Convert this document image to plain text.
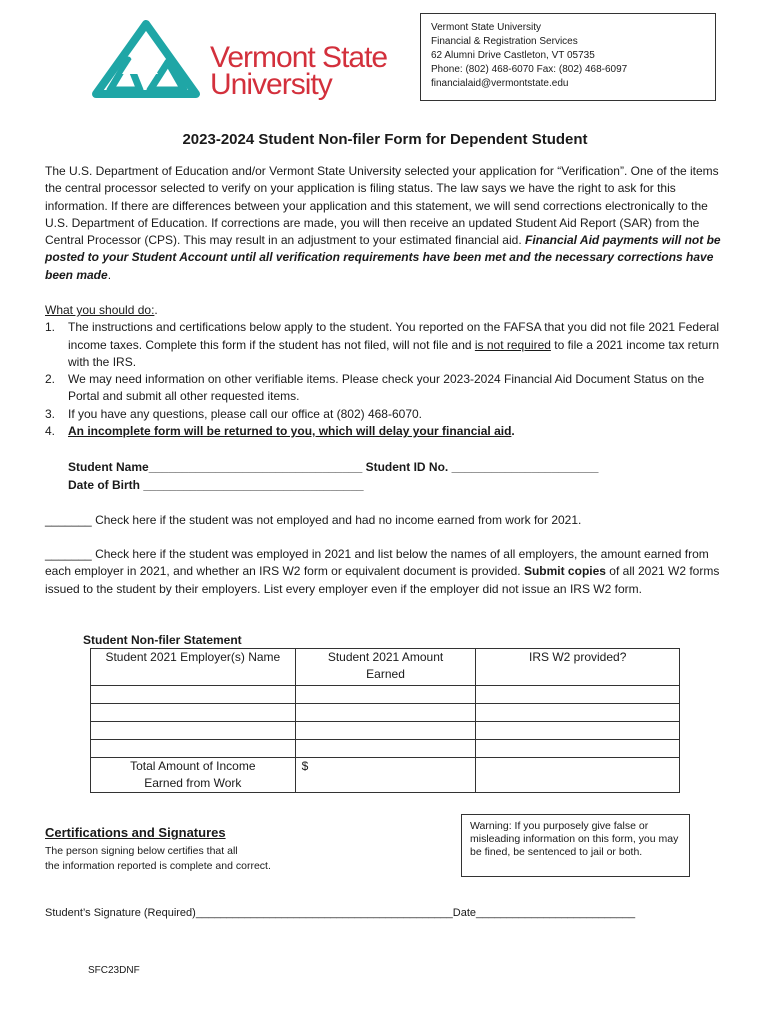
Vermont State
University
Vermont State University
Financial & Registration Services
62 Alumni Drive Castleton, VT 05735
Phone: (802) 468-6070 Fax: (802) 468-6097
financialaid@vermontstate.edu
2023-2024 Student Non-filer Form for Dependent Student
The U.S. Department of Education and/or Vermont State University selected your application for “Verification”. One of the items the central processor selected to verify on your application is filing status. The law says we have the right to ask for this information. If there are differences between your application and this statement, we will send corrections electronically to the U.S. Department of Education. If corrections are made, you will then receive an updated Student Aid Report (SAR) from the Central Processor (CPS). This may result in an adjustment to your estimated financial aid. Financial Aid payments will not be posted to your Student Account until all verification requirements have been met and the necessary corrections have been made.
What you should do:.
1. The instructions and certifications below apply to the student. You reported on the FAFSA that you did not file 2021 Federal income taxes. Complete this form if the student has not filed, will not file and is not required to file a 2021 income tax return with the IRS.
2. We may need information on other verifiable items. Please check your 2023-2024 Financial Aid Document Status on the Portal and submit all other requested items.
3. If you have any questions, please call our office at (802) 468-6070.
4. An incomplete form will be returned to you, which will delay your financial aid.
Student Name________________________________ Student ID No. ______________________
Date of Birth _________________________________
_______ Check here if the student was not employed and had no income earned from work for 2021.
_______ Check here if the student was employed in 2021 and list below the names of all employers, the amount earned from each employer in 2021, and whether an IRS W2 form or equivalent document is provided. Submit copies of all 2021 W2 forms issued to the student by their employers. List every employer even if the employer did not issue an IRS W2 form.
Student Non-filer Statement
Student 2021 Employer(s) Name	Student 2021 Amount Earned	IRS W2 provided?

Total Amount of Income Earned from Work	$	
Certifications and Signatures
The person signing below certifies that all
the information reported is complete and correct.
Warning: If you purposely give false or misleading information on this form, you may be fined, be sentenced to jail or both.
Student’s Signature (Required)__________________________________________Date__________________________
SFC23DNF
